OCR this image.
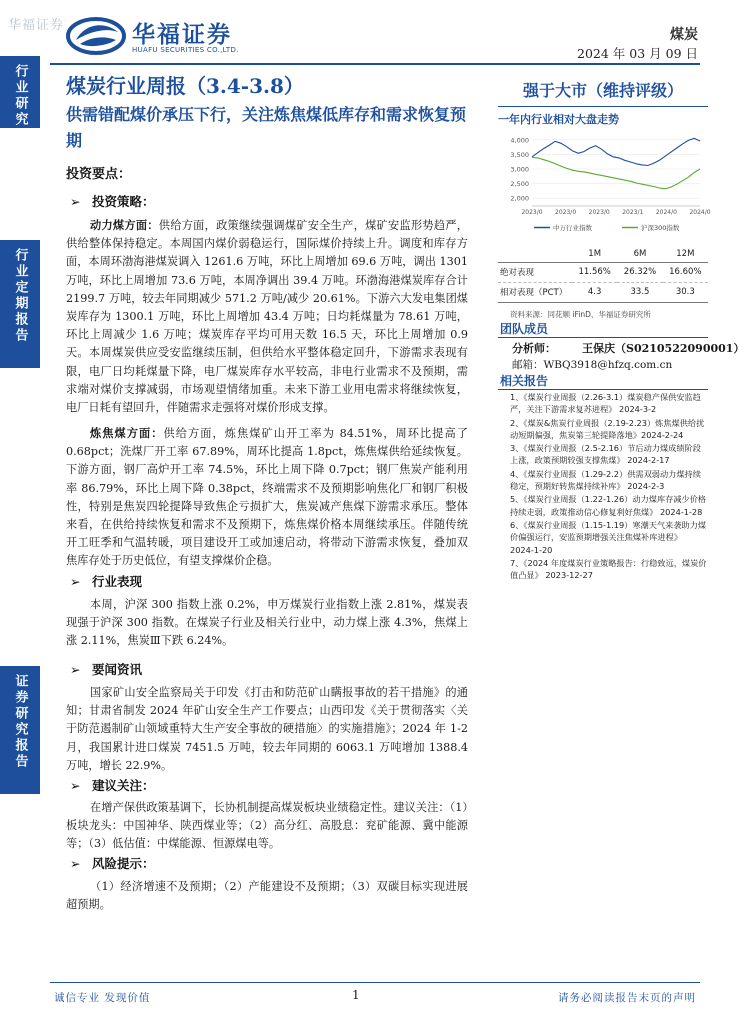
华福证券	华福证券
HUAFU SECURITIES CO.,LTD.
煤炭
2024 年 03 月 09 日
行业研究
行业定期报告
证券研究报告
煤炭行业周报（3.4-3.8）
供需错配煤价承压下行，关注炼焦煤低库存和需求恢复预期
投资要点：
➢ 投资策略：
动力煤方面：供给方面，政策继续强调煤矿安全生产，煤矿安监形势趋严，供给整体保持稳定。本周国内煤价弱稳运行，国际煤价持续上升。调度和库存方面，本周环渤海港煤炭调入 1261.6 万吨，环比上周增加 69.6 万吨，调出 1301 万吨，环比上周增加 73.6 万吨，本周净调出 39.4 万吨。环渤海港煤炭库存合计 2199.7 万吨，较去年同期减少 571.2 万吨/减少 20.61%。下游六大发电集团煤炭库存为 1300.1 万吨，环比上周增加 43.4 万吨；日均耗煤量为 78.61 万吨，环比上周减少 1.6 万吨；煤炭库存平均可用天数 16.5 天，环比上周增加 0.9 天。本周煤炭供应受安监继续压制，但供给水平整体稳定回升，下游需求表现有限，电厂日均耗煤量下降，电厂煤炭库存水平较高，非电行业需求不及预期，需求端对煤价支撑减弱，市场观望情绪加重。未来下游工业用电需求将继续恢复，电厂日耗有望回升，伴随需求走强将对煤价形成支撑。
炼焦煤方面：供给方面，炼焦煤矿山开工率为 84.51%，周环比提高了 0.68pct；洗煤厂开工率 67.89%，周环比提高 1.8pct，炼焦煤供给延续恢复。下游方面，钢厂高炉开工率 74.5%，环比上周下降 0.7pct；钢厂焦炭产能利用率 86.79%，环比上周下降 0.38pct，终端需求不及预期影响焦化厂和钢厂积极性，特别是焦炭四轮提降导致焦企亏损扩大，焦炭减产焦煤下游需求承压。整体来看，在供给持续恢复和需求不及预期下，炼焦煤价格本周继续承压。伴随传统开工旺季和气温转暖，项目建设开工或加速启动，将带动下游需求恢复，叠加双焦库存处于历史低位，有望支撑煤价企稳。
➢ 行业表现
本周，沪深 300 指数上涨 0.2%，申万煤炭行业指数上涨 2.81%，煤炭表现强于沪深 300 指数。在煤炭子行业及相关行业中，动力煤上涨 4.3%，焦煤上涨 2.11%，焦炭Ⅲ下跌 6.24%。
➢ 要闻资讯
国家矿山安全监察局关于印发《打击和防范矿山瞒报事故的若干措施》的通知；甘肃省制发 2024 年矿山安全生产工作要点；山西印发《关于贯彻落实〈关于防范遏制矿山领域重特大生产安全事故的硬措施〉的实施措施》；2024 年 1-2 月，我国累计进口煤炭 7451.5 万吨，较去年同期的 6063.1 万吨增加 1388.4 万吨，增长 22.9%。
➢ 建议关注：
在增产保供政策基调下，长协机制提高煤炭板块业绩稳定性。建议关注：（1）板块龙头：中国神华、陕西煤业等；（2）高分红、高股息：兖矿能源、冀中能源等；（3）低估值：中煤能源、恒源煤电等。
➢ 风险提示：
（1）经济增速不及预期；（2）产能建设不及预期；（3）双碳目标实现进展超预期。
强于大市（维持评级）
一年内行业相对大盘走势
4,000
3,500
3,000
2,500
2,000
2023/0 2023/0 2023/0 2023/1 2024/0 2024/0
中万行业指数	沪深300指数
	1M	6M	12M
绝对表现	11.56%	26.32%	16.60%
相对表现（PCT）	4.3	33.5	30.3
资料来源：同花顺 iFinD、华福证券研究所
团队成员
分析师： 王保庆（S0210522090001）
邮箱：WBQ3918@hfzq.com.cn
相关报告
1、《煤炭行业周报（2.26-3.1）煤炭稳产保供安监趋严，关注下游需求复苏进程》 2024-3-2
2、《煤炭&焦炭行业周报（2.19-2.23）炼焦煤供给扰动短期偏强，焦炭第三轮提降落地》2024-2-24
3、《煤炭行业周报（2.5-2.16）节后动力煤成绩阶段上涨，政策预期较强支撑焦煤》 2024-2-17
4、《煤炭行业周报（1.29-2.2）供需双弱动力煤持续稳定，预期好转焦煤持续补库》 2024-2-3
5、《煤炭行业周报（1.22-1.26）动力煤库存减少价格持续走弱，政策推动信心修复利好焦煤》 2024-1-28
6、《煤炭行业周报（1.15-1.19）寒潮天气来袭助力煤价偏强运行，安监预期增强关注焦煤补库进程》 2024-1-20
7、《2024 年度煤炭行业策略报告：行稳致远，煤炭价值凸显》 2023-12-27
诚信专业 发现价值	1	请务必阅读报告末页的声明
